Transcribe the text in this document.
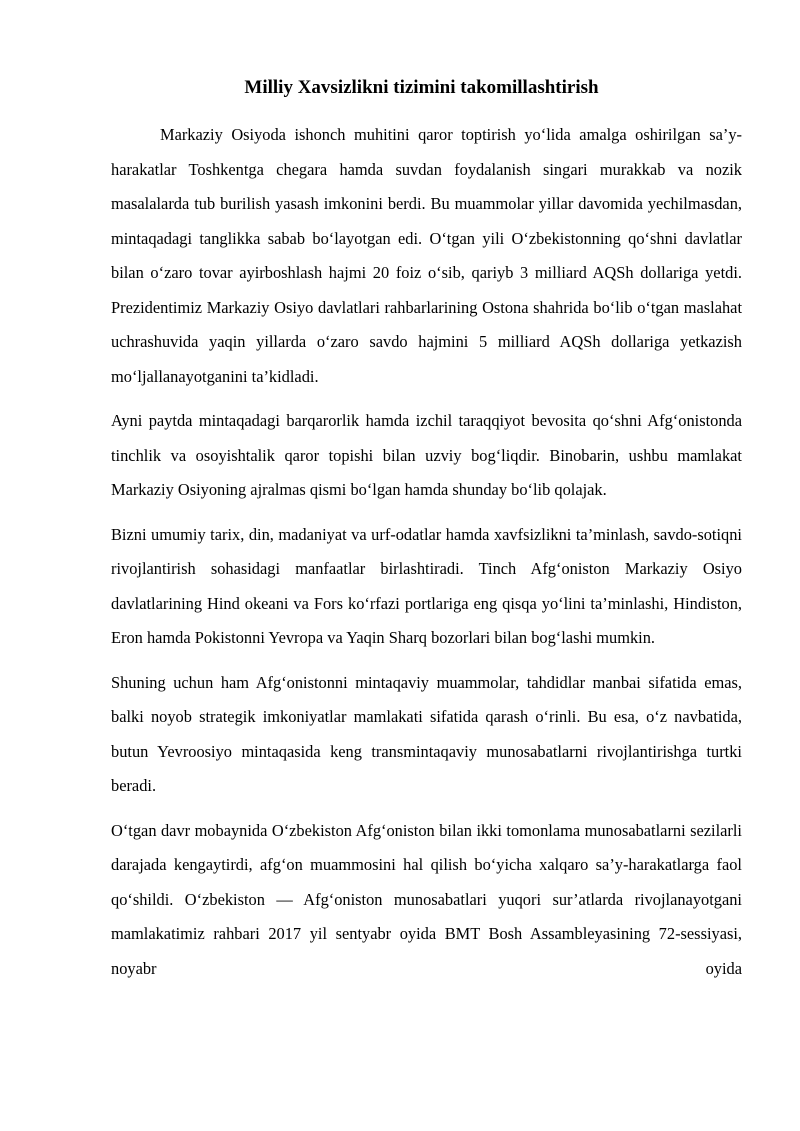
Milliy Xavsizlikni tizimini takomillashtirish

Markaziy Osiyoda ishonch muhitini qaror toptirish yo‘lida amalga oshirilgan sa’y-harakatlar Toshkentga chegara hamda suvdan foydalanish singari murakkab va nozik masalalarda tub burilish yasash imkonini berdi. Bu muammolar yillar davomida yechilmasdan, mintaqadagi tanglikka sabab bo‘layotgan edi. O‘tgan yili O‘zbekistonning qo‘shni davlatlar bilan o‘zaro tovar ayirboshlash hajmi 20 foiz o‘sib, qariyb 3 milliard AQSh dollariga yetdi. Prezidentimiz Markaziy Osiyo davlatlari rahbarlarining Ostona shahrida bo‘lib o‘tgan maslahat uchrashuvida yaqin yillarda o‘zaro savdo hajmini 5 milliard AQSh dollariga yetkazish mo‘ljallanayotganini ta’kidladi.

Ayni paytda mintaqadagi barqarorlik hamda izchil taraqqiyot bevosita qo‘shni Afg‘onistonda tinchlik va osoyishtalik qaror topishi bilan uzviy bog‘liqdir. Binobarin, ushbu mamlakat Markaziy Osiyoning ajralmas qismi bo‘lgan hamda shunday bo‘lib qolajak.

Bizni umumiy tarix, din, madaniyat va urf-odatlar hamda xavfsizlikni ta’minlash, savdo-sotiqni rivojlantirish sohasidagi manfaatlar birlashtiradi. Tinch Afg‘oniston Markaziy Osiyo davlatlarining Hind okeani va Fors ko‘rfazi portlariga eng qisqa yo‘lini ta’minlashi, Hindiston, Eron hamda Pokistonni Yevropa va Yaqin Sharq bozorlari bilan bog‘lashi mumkin.

Shuning uchun ham Afg‘onistonni mintaqaviy muammolar, tahdidlar manbai sifatida emas, balki noyob strategik imkoniyatlar mamlakati sifatida qarash o‘rinli. Bu esa, o‘z navbatida, butun Yevroosiyo mintaqasida keng transmintaqaviy munosabatlarni rivojlantirishga turtki beradi.

O‘tgan davr mobaynida O‘zbekiston Afg‘oniston bilan ikki tomonlama munosabatlarni sezilarli darajada kengaytirdi, afg‘on muammosini hal qilish bo‘yicha xalqaro sa’y-harakatlarga faol qo‘shildi. O‘zbekiston — Afg‘oniston munosabatlari yuqori sur’atlarda rivojlanayotgani mamlakatimiz rahbari 2017 yil sentyabr oyida BMT Bosh Assambleyasining 72-sessiyasi, noyabr oyida
